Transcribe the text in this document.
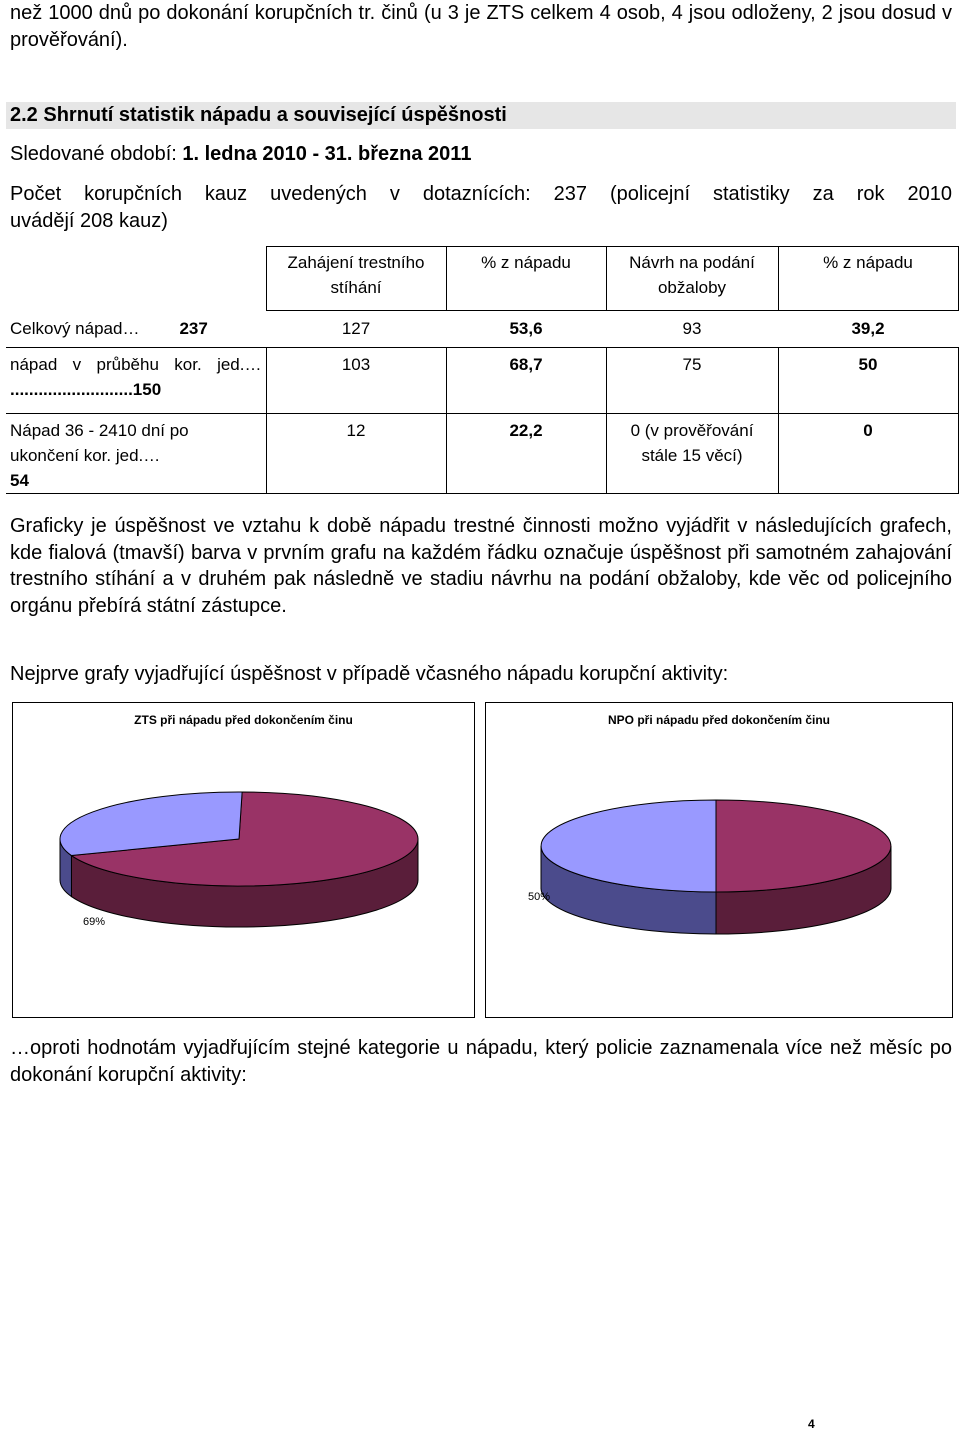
než 1000 dnů po dokonání korupčních tr. činů (u 3 je ZTS celkem 4 osob, 4 jsou odloženy, 2 jsou dosud v prověřování).
2.2 Shrnutí statistik nápadu a související úspěšnosti
Sledované období: 1. ledna 2010 - 31. března 2011
Počet korupčních kauz uvedených v dotaznících: 237 (policejní statistiky za rok 2010
uvádějí 208 kauz)
	Zahájení trestního stíhání	% z nápadu	Návrh na podání obžaloby	% z nápadu
Celkový nápad… 237	127	53,6	93	39,2

nápad v průběhu kor. jed.…
..........................150	103	68,7	75	50

Nápad 36 - 2410 dní po ukončení kor. jed.…
54	12	22,2	0 (v prověřování stále 15 věcí)	0
Graficky je úspěšnost ve vztahu k době nápadu trestné činnosti možno vyjádřit v následujících grafech, kde fialová (tmavší) barva v prvním grafu na každém řádku označuje úspěšnost při samotném zahajování trestního stíhání a v druhém pak následně ve stadiu návrhu na podání obžaloby, kde věc od policejního orgánu přebírá státní zástupce.
Nejprve grafy vyjadřující úspěšnost v případě včasného nápadu korupční aktivity:
ZTS při nápadu před dokončením činu
69%
NPO při nápadu před dokončením činu
50%
…oproti hodnotám vyjadřujícím stejné kategorie u nápadu, který policie zaznamenala více než měsíc po dokonání korupční aktivity:
4
